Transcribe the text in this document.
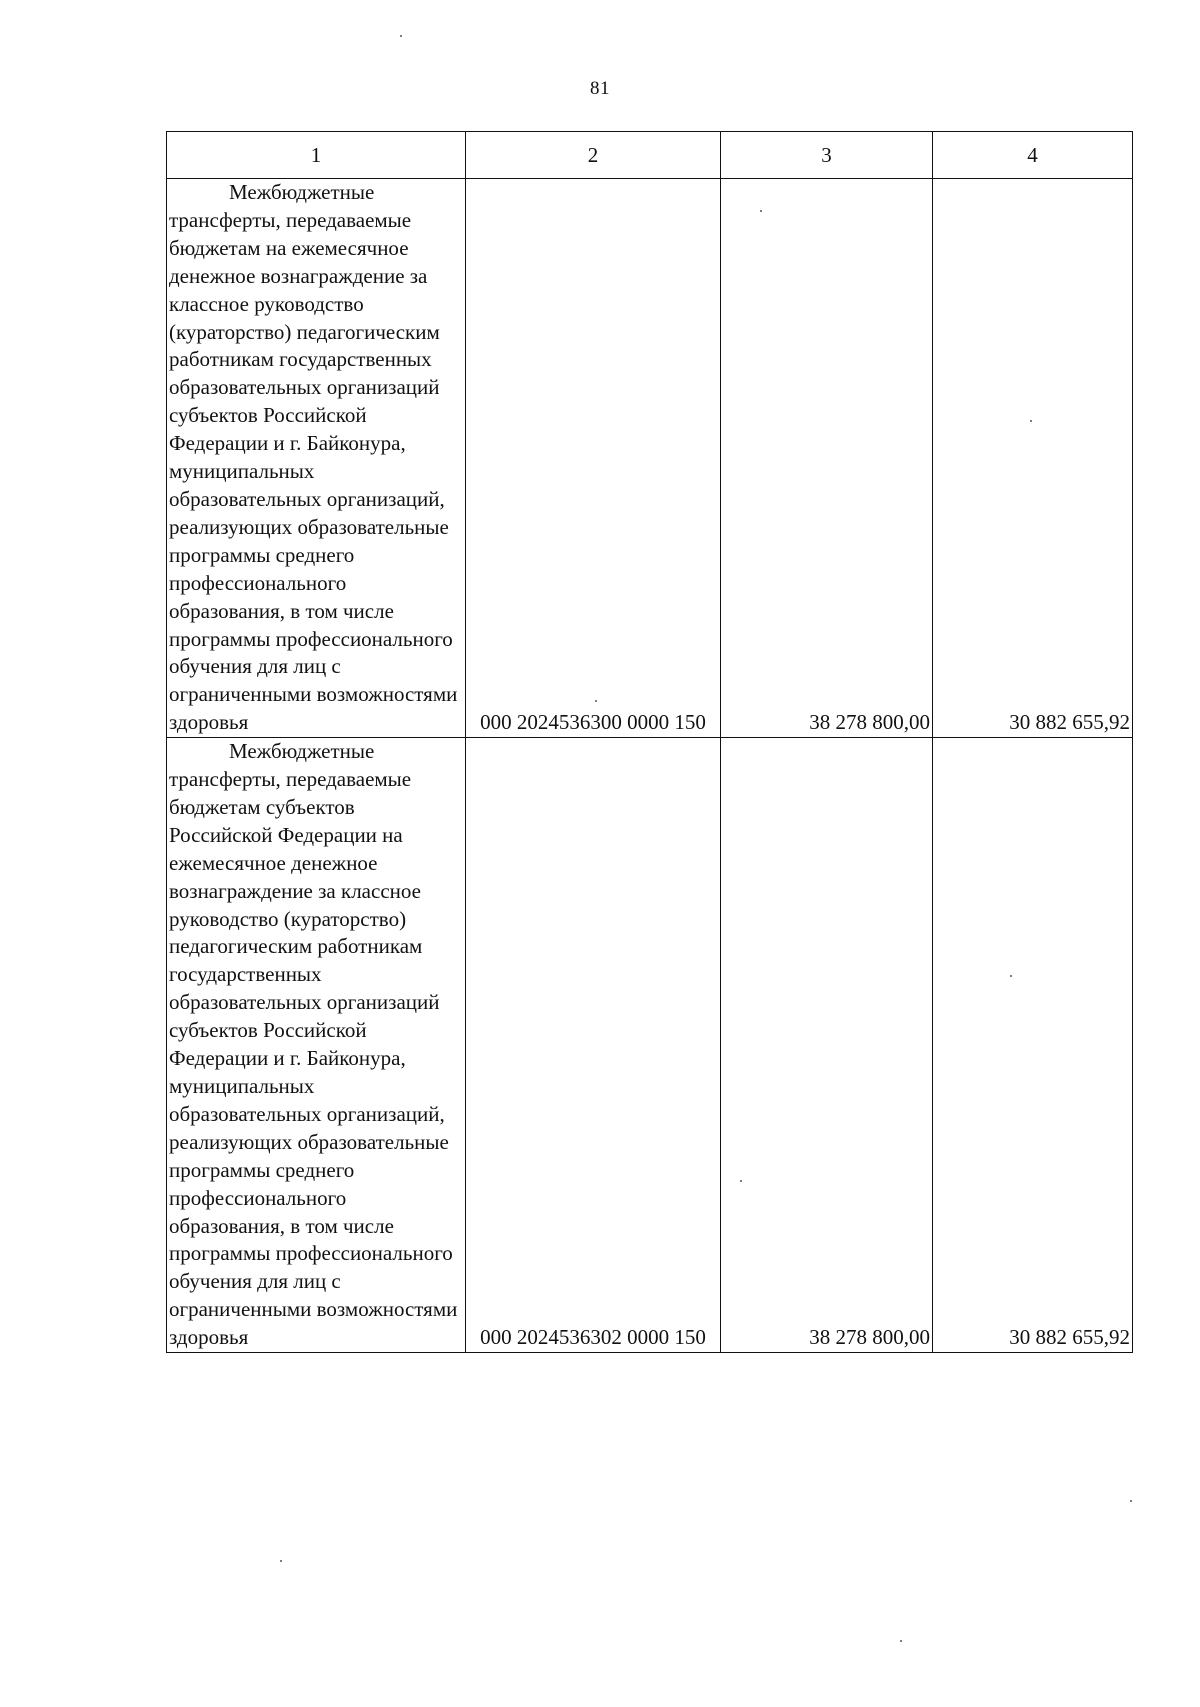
81
1	2	3	4

Межбюджетные трансферты, передаваемые бюджетам на ежемесячное денежное вознаграждение за классное руководство (кураторство) педагогическим работникам государственных образовательных организаций субъектов Российской Федерации и г. Байконура, муниципальных образовательных организаций, реализующих образовательные программы среднего профессионального образования, в том числе программы профессионального обучения для лиц с ограниченными возможностями здоровья	000 2024536300 0000 150	38 278 800,00	30 882 655,92

Межбюджетные трансферты, передаваемые бюджетам субъектов Российской Федерации на ежемесячное денежное вознаграждение за классное руководство (кураторство) педагогическим работникам государственных образовательных организаций субъектов Российской Федерации и г. Байконура, муниципальных образовательных организаций, реализующих образовательные программы среднего профессионального образования, в том числе программы профессионального обучения для лиц с ограниченными возможностями здоровья	000 2024536302 0000 150	38 278 800,00	30 882 655,92
